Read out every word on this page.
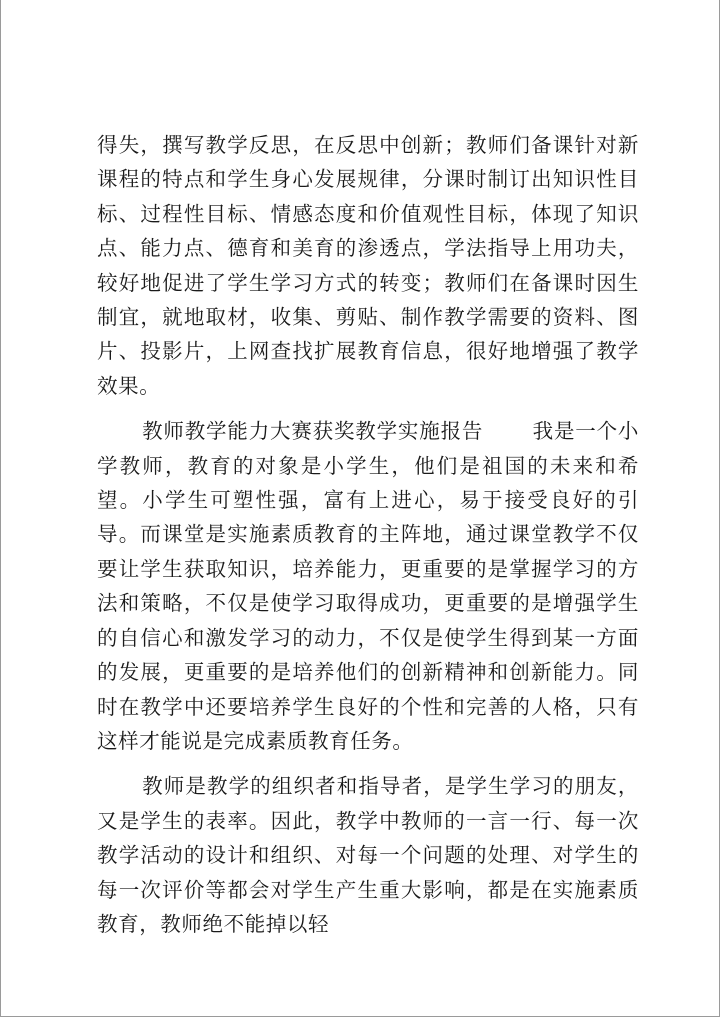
得失，撰写教学反思，在反思中创新；教师们备课针对新课程的特点和学生身心发展规律，分课时制订出知识性目标、过程性目标、情感态度和价值观性目标，体现了知识点、能力点、德育和美育的渗透点，学法指导上用功夫，较好地促进了学生学习方式的转变；教师们在备课时因生制宜，就地取材，收集、剪贴、制作教学需要的资料、图片、投影片，上网查找扩展教育信息，很好地增强了教学效果。

教师教学能力大赛获奖教学实施报告 我是一个小学教师，教育的对象是小学生，他们是祖国的未来和希望。小学生可塑性强，富有上进心，易于接受良好的引导。而课堂是实施素质教育的主阵地，通过课堂教学不仅要让学生获取知识，培养能力，更重要的是掌握学习的方法和策略，不仅是使学习取得成功，更重要的是增强学生的自信心和激发学习的动力，不仅是使学生得到某一方面的发展，更重要的是培养他们的创新精神和创新能力。同时在教学中还要培养学生良好的个性和完善的人格，只有这样才能说是完成素质教育任务。

教师是教学的组织者和指导者，是学生学习的朋友，又是学生的表率。因此，教学中教师的一言一行、每一次教学活动的设计和组织、对每一个问题的处理、对学生的每一次评价等都会对学生产生重大影响，都是在实施素质教育，教师绝不能掉以轻
